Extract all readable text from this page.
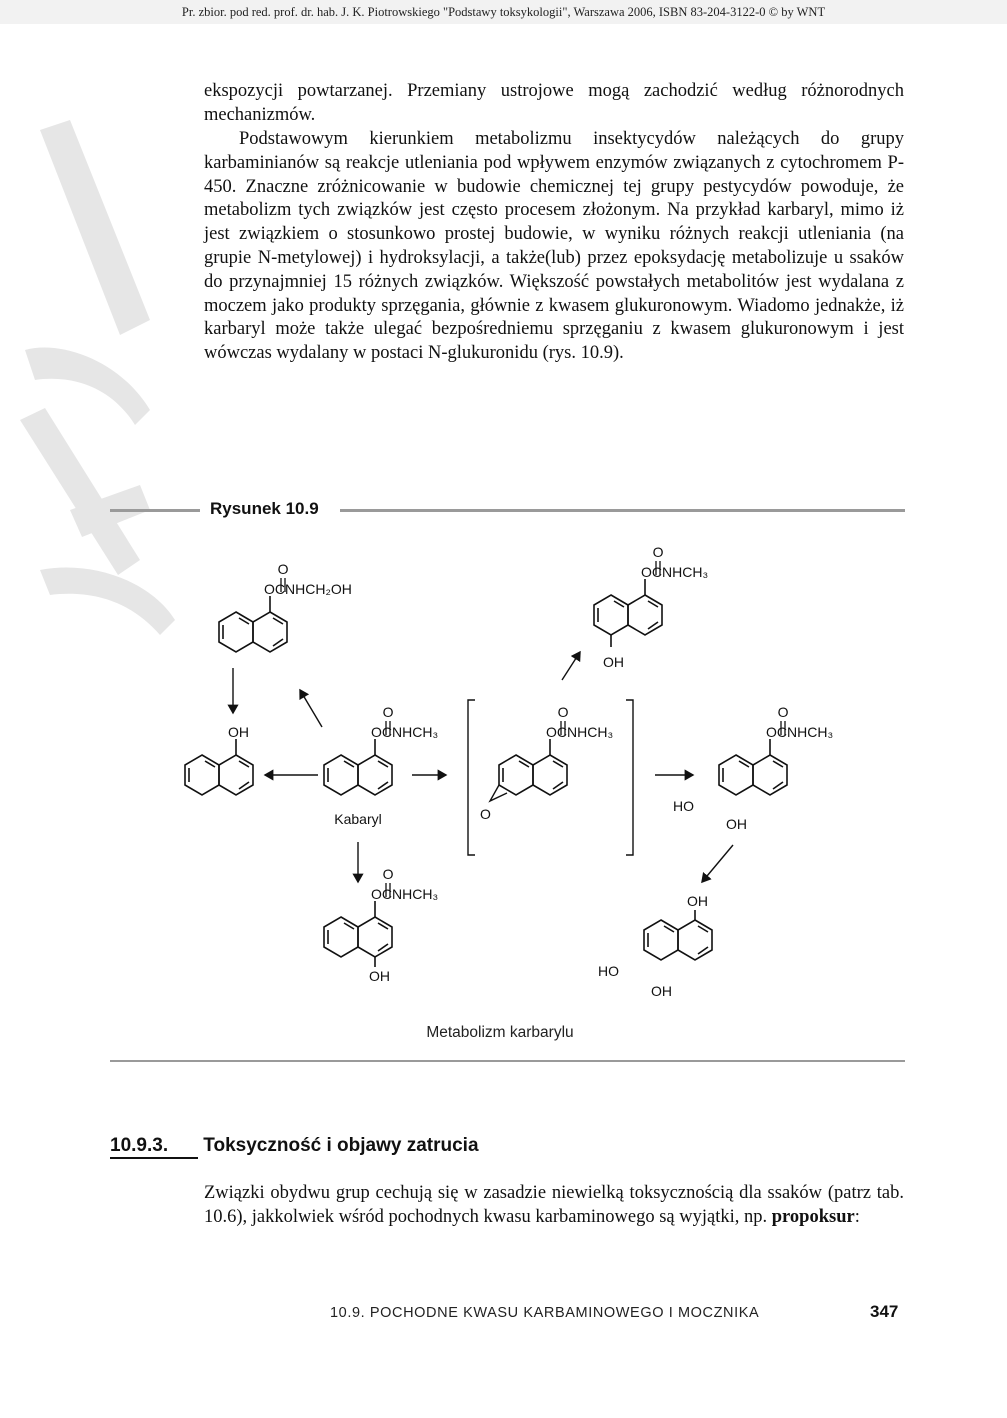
Pr. zbior. pod red. prof. dr. hab. J. K. Piotrowskiego "Podstawy toksykologii", Warszawa 2006, ISBN 83-204-3122-0 © by WNT

ekspozycji powtarzanej. Przemiany ustrojowe mogą zachodzić według różnorodnych mechanizmów.

Podstawowym kierunkiem metabolizmu insektycydów należących do grupy karbaminianów są reakcje utleniania pod wpływem enzymów związanych z cytochromem P-450. Znaczne zróżnicowanie w budowie chemicznej tej grupy pestycydów powoduje, że metabolizm tych związków jest często procesem złożonym. Na przykład karbaryl, mimo iż jest związkiem o stosunkowo prostej budowie, w wyniku różnych reakcji utleniania (na grupie N-metylowej) i hydroksylacji, a także(lub) przez epoksydację metabolizuje u ssaków do przynajmniej 15 różnych związków. Większość powstałych metabolitów jest wydalana z moczem jako produkty sprzęgania, głównie z kwasem glukuronowym. Wiadomo jednakże, iż karbaryl może także ulegać bezpośredniemu sprzęganiu z kwasem glukuronowym i jest wówczas wydalany w postaci N-glukuronidu (rys. 10.9).

Rysunek 10.9
OCNHCH₂OH
OH	OCNHCH₃
Kabaryl
OCNHCH₃
OH
OCNHCH₃
O
OCNHCH₃
OH
OCNHCH₃
HO
OH
OH
HO
OH
Metabolizm karbarylu
10.9.3. Toksyczność i objawy zatrucia

Związki obydwu grup cechują się w zasadzie niewielką toksycznością dla ssaków (patrz tab. 10.6), jakkolwiek wśród pochodnych kwasu karbaminowego są wyjątki, np. propoksur:

10.9. POCHODNE KWASU KARBAMINOWEGO I MOCZNIKA	347
